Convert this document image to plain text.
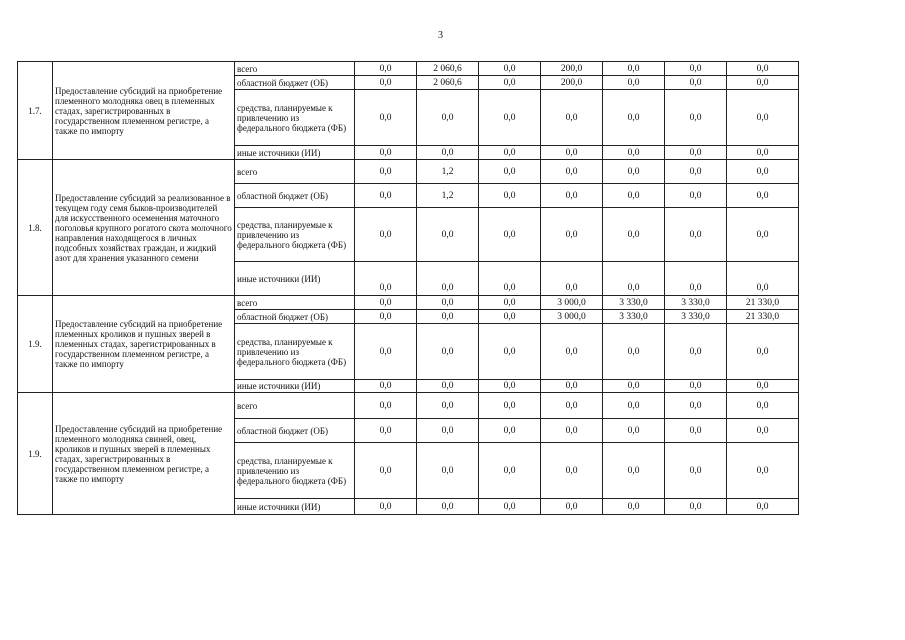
3
1.7.	Предоставление субсидий на приобретение племенного молодняка овец в племенных стадах, зарегистрированных в государственном племенном регистре, а также по импорту	всего	0,0	2 060,6	0,0	200,0	0,0	0,0	0,0
		областной бюджет (ОБ)	0,0	2 060,6	0,0	200,0	0,0	0,0	0,0
		средства, планируемые к привлечению из федерального бюджета (ФБ)	0,0	0,0	0,0	0,0	0,0	0,0	0,0
		иные источники (ИИ)	0,0	0,0	0,0	0,0	0,0	0,0	0,0
1.8.	Предоставление субсидий за реализованное в текущем году семя быков-производителей для искусственного осеменения маточного поголовья крупного рогатого скота молочного направления находящегося в личных подсобных хозяйствах граждан, и жидкий азот для хранения указанного семени	всего	0,0	1,2	0,0	0,0	0,0	0,0	0,0
		областной бюджет (ОБ)	0,0	1,2	0,0	0,0	0,0	0,0	0,0
		средства, планируемые к привлечению из федерального бюджета (ФБ)	0,0	0,0	0,0	0,0	0,0	0,0	0,0
		иные источники (ИИ)	0,0	0,0	0,0	0,0	0,0	0,0	0,0
1.9.	Предоставление субсидий на приобретение племенных кроликов и пушных зверей в племенных стадах, зарегистрированных в государственном племенном регистре, а также по импорту	всего	0,0	0,0	0,0	3 000,0	3 330,0	3 330,0	21 330,0
		областной бюджет (ОБ)	0,0	0,0	0,0	3 000,0	3 330,0	3 330,0	21 330,0
		средства, планируемые к привлечению из федерального бюджета (ФБ)	0,0	0,0	0,0	0,0	0,0	0,0	0,0
		иные источники (ИИ)	0,0	0,0	0,0	0,0	0,0	0,0	0,0
1.9.	Предоставление субсидий на приобретение племенного молодняка свиней, овец, кроликов и пушных зверей в племенных стадах, зарегистрированных в государственном племенном регистре, а также по импорту	всего	0,0	0,0	0,0	0,0	0,0	0,0	0,0
		областной бюджет (ОБ)	0,0	0,0	0,0	0,0	0,0	0,0	0,0
		средства, планируемые к привлечению из федерального бюджета (ФБ)	0,0	0,0	0,0	0,0	0,0	0,0	0,0
		иные источники (ИИ)	0,0	0,0	0,0	0,0	0,0	0,0	0,0
